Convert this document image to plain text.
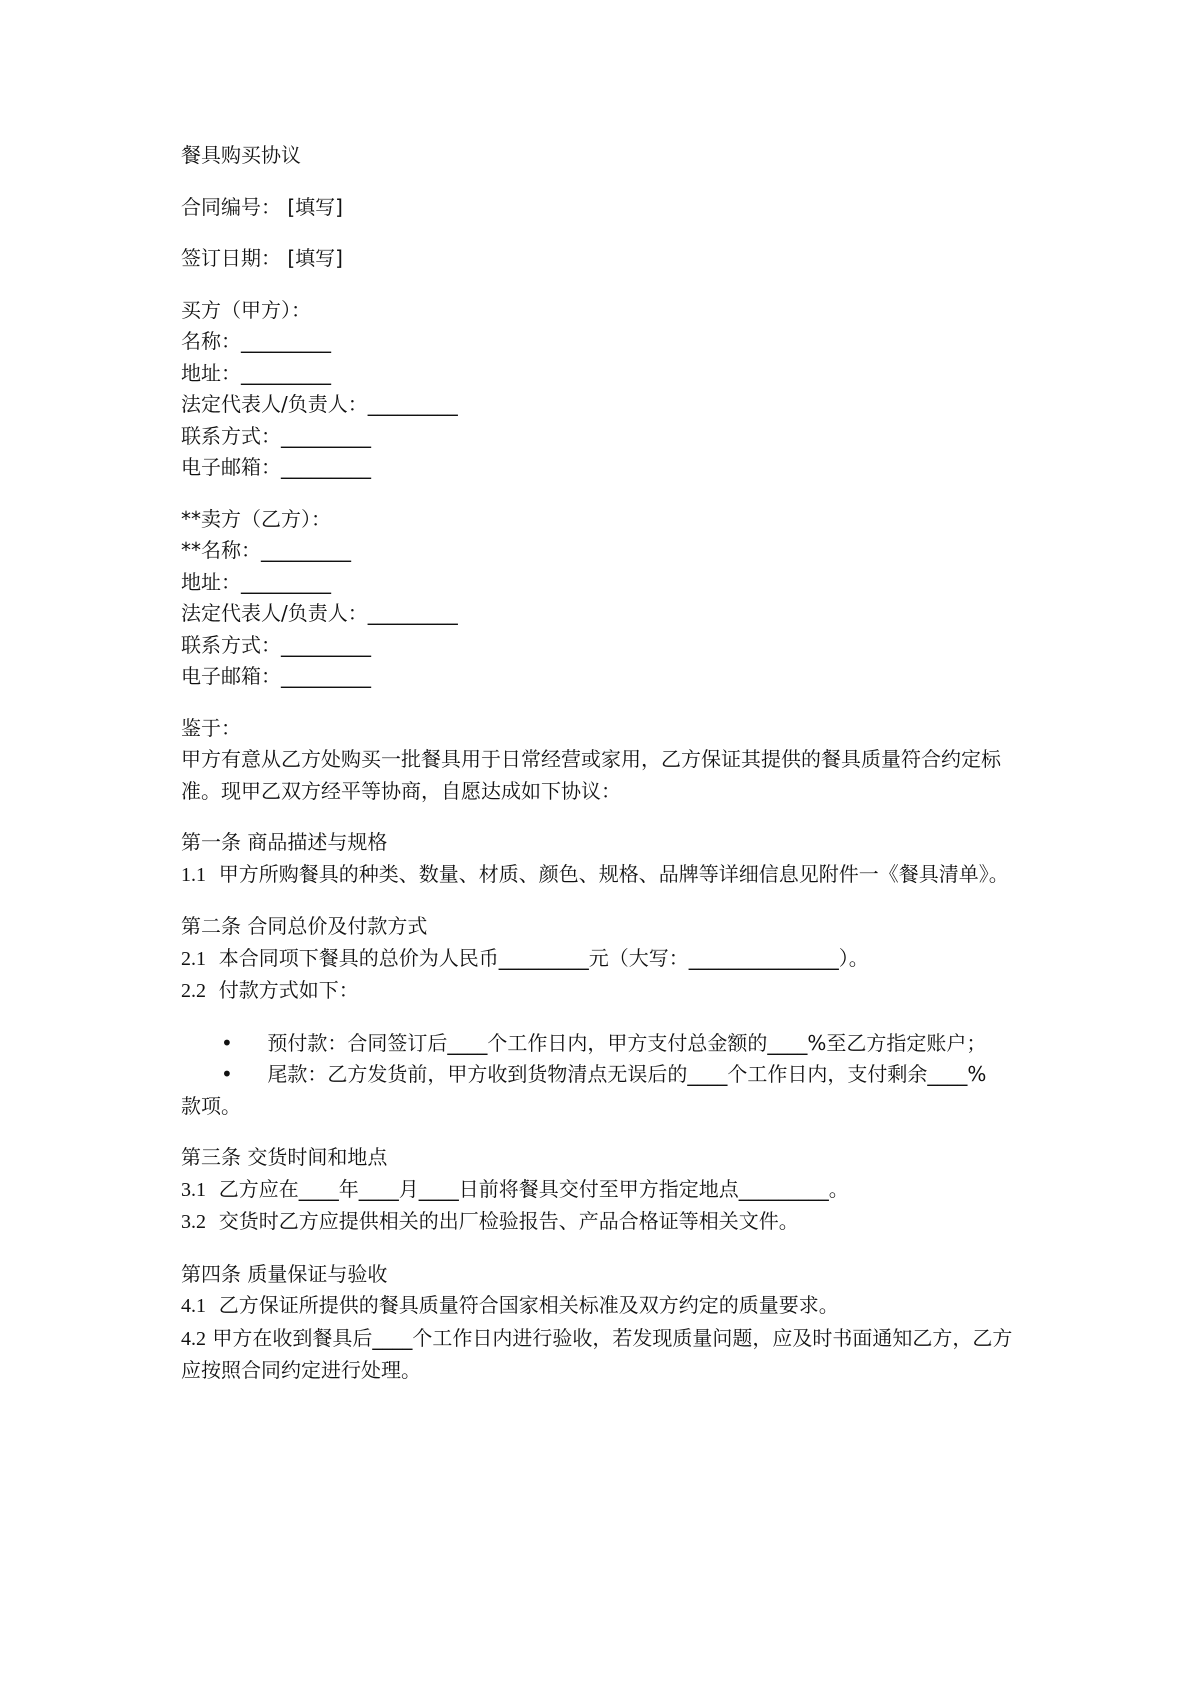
餐具购买协议
合同编号： [填写]
签订日期： [填写]
买方（甲方）：
名称：_________
地址：_________
法定代表人/负责人：_________
联系方式：_________
电子邮箱：_________
**卖方（乙方）：
**名称：_________
地址：_________
法定代表人/负责人：_________
联系方式：_________
电子邮箱：_________
鉴于：
甲方有意从乙方处购买一批餐具用于日常经营或家用，乙方保证其提供的餐具质量符合约定标准。现甲乙双方经平等协商，自愿达成如下协议：
第一条 商品描述与规格
1.1 甲方所购餐具的种类、数量、材质、颜色、规格、品牌等详细信息见附件一《餐具清单》。
第二条 合同总价及付款方式
2.1 本合同项下餐具的总价为人民币_________元（大写：_______________）。
2.2 付款方式如下：
• 预付款：合同签订后____个工作日内，甲方支付总金额的____%至乙方指定账户；
• 尾款：乙方发货前，甲方收到货物清点无误后的____个工作日内，支付剩余____%
款项。
第三条 交货时间和地点
3.1 乙方应在____年____月____日前将餐具交付至甲方指定地点_________。
3.2 交货时乙方应提供相关的出厂检验报告、产品合格证等相关文件。
第四条 质量保证与验收
4.1 乙方保证所提供的餐具质量符合国家相关标准及双方约定的质量要求。
4.2 甲方在收到餐具后____个工作日内进行验收，若发现质量问题，应及时书面通知乙方，乙方应按照合同约定进行处理。
